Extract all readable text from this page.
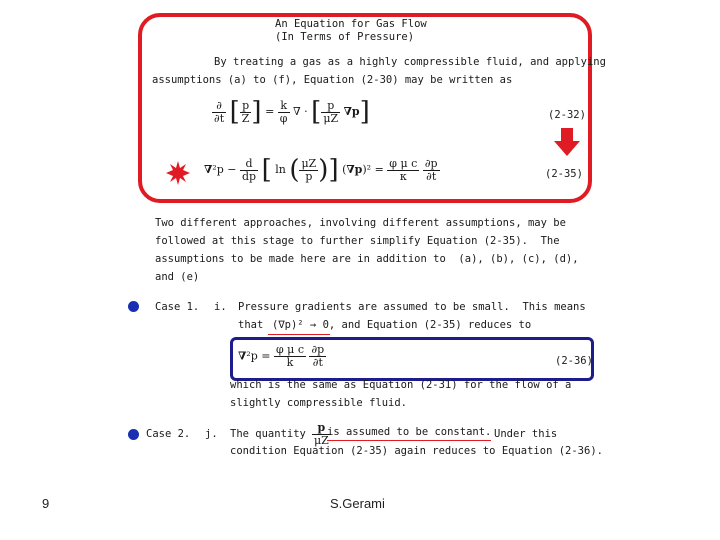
An Equation for Gas Flow
(In Terms of Pressure)
By treating a gas as a highly compressible fluid, and applying
assumptions (a) to (f), Equation (2-30) may be written as
$\frac{\partial}{\partial t}$ [ $\frac{p}{Z}$ ] = $\frac{k}{\varphi}$ ∇ · [ $\frac{p}{\mu Z} \nabla p$]	(2-32)
$\nabla^2p - \frac{d}{dp}$ [ ln ( $\frac{\mu Z}{p}$ )] $(\nabla p)^2 = \frac{\text{φ μ c}}{\kappa}$
$\frac{\partial p}{\partial t}$	(2-35)
Two different approaches, involving different assumptions, may be
followed at this stage to further simplify Equation (2-35).  The
assumptions to be made here are in addition to  (a), (b), (c), (d),
and (e)
Case 1. i. Pressure gradients are assumed to be small.  This means
that (∇p)² → 0, and Equation (2-35) reduces to
$\nabla^2p = \frac{\text{φ μ c}}{k}$
$\frac{\partial p}{\partial t}$	(2-36)
which is the same as Equation (2-31) for the flow of a
slightly compressible fluid.
Case 2. j. The quantity $\frac{p}{\mu Z}$
is assumed to be constant. Under this
condition Equation (2-35) again reduces to Equation (2-36).
9	S.Gerami
